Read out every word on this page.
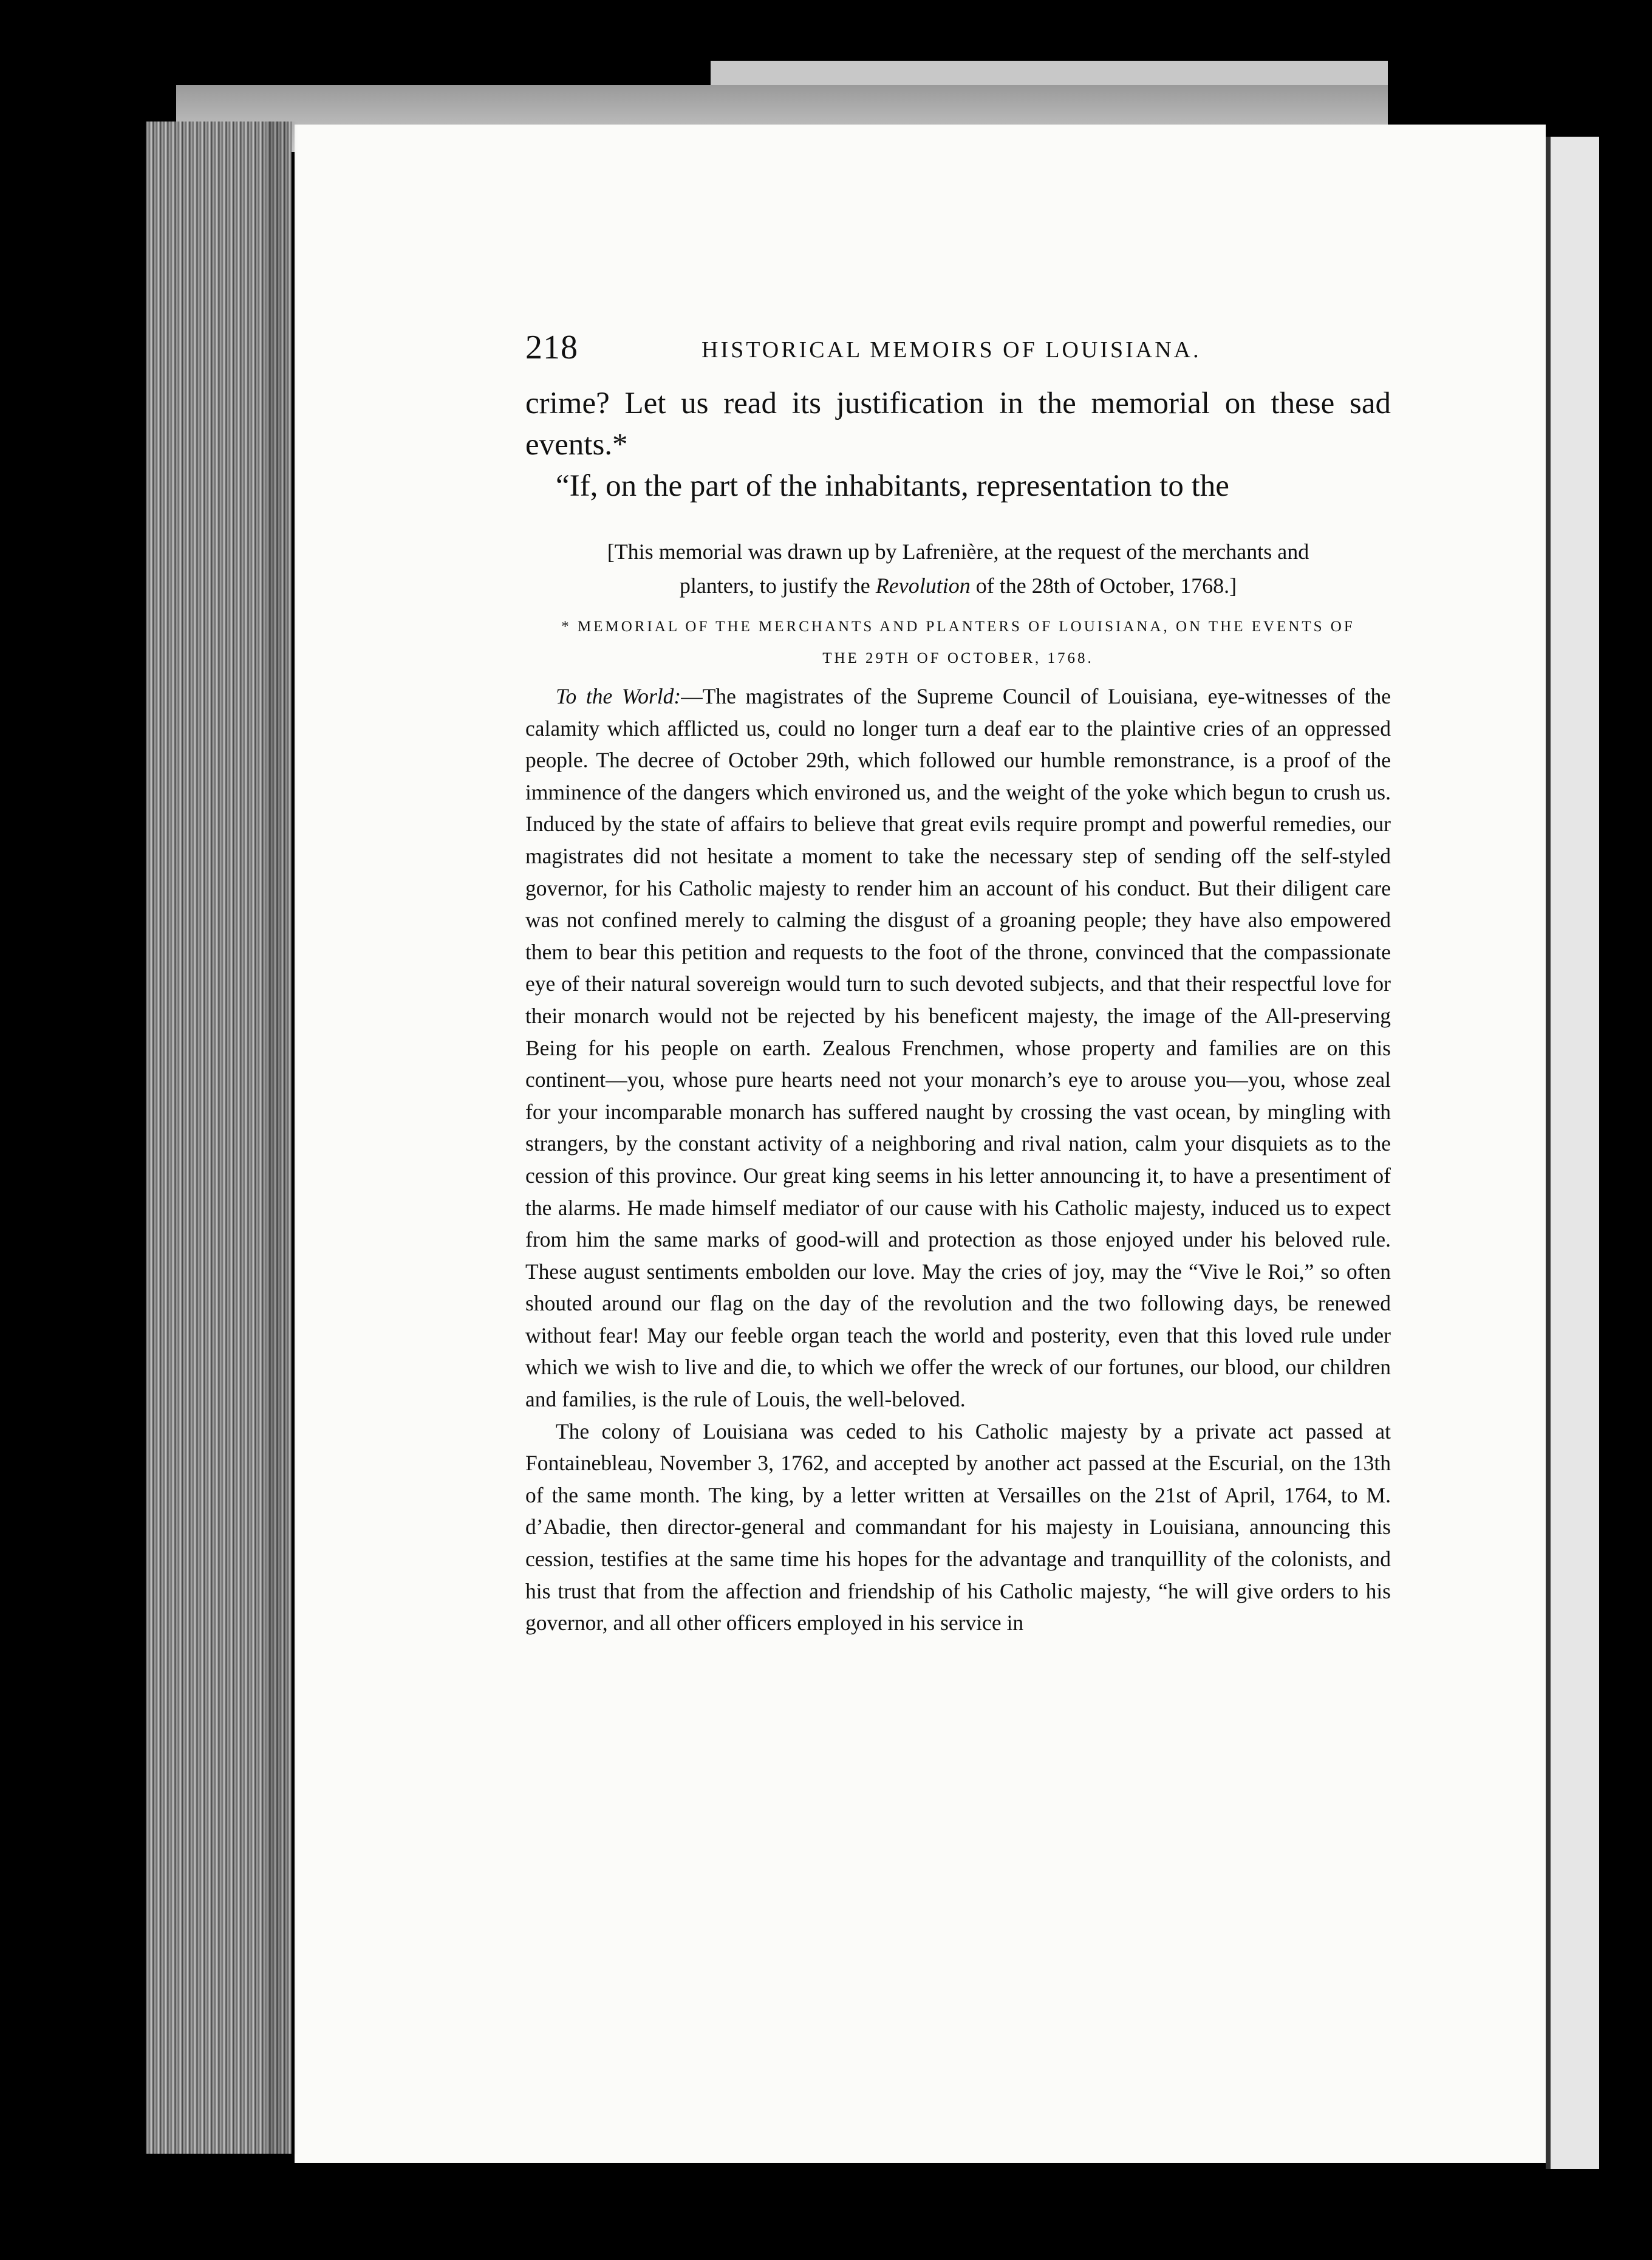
218	HISTORICAL MEMOIRS OF LOUISIANA.

crime? Let us read its justification in the memorial on these sad events.*

“If, on the part of the inhabitants, representation to the

[This memorial was drawn up by Lafrenière, at the request of the merchants and
planters, to justify the Revolution of the 28th of October, 1768.]

* MEMORIAL OF THE MERCHANTS AND PLANTERS OF LOUISIANA, ON THE EVENTS OF
THE 29TH OF OCTOBER, 1768.

To the World:—The magistrates of the Supreme Council of Louisiana, eye-witnesses of the calamity which afflicted us, could no longer turn a deaf ear to the plaintive cries of an oppressed people. The decree of October 29th, which followed our humble remonstrance, is a proof of the imminence of the dangers which environed us, and the weight of the yoke which begun to crush us. Induced by the state of affairs to believe that great evils require prompt and powerful remedies, our magistrates did not hesitate a moment to take the necessary step of sending off the self-styled governor, for his Catholic majesty to render him an account of his conduct. But their diligent care was not confined merely to calming the disgust of a groaning people; they have also empowered them to bear this petition and requests to the foot of the throne, convinced that the compassionate eye of their natural sovereign would turn to such devoted subjects, and that their respectful love for their monarch would not be rejected by his beneficent majesty, the image of the All-preserving Being for his people on earth. Zealous Frenchmen, whose property and families are on this continent—you, whose pure hearts need not your monarch’s eye to arouse you—you, whose zeal for your incomparable monarch has suffered naught by crossing the vast ocean, by mingling with strangers, by the constant activity of a neighboring and rival nation, calm your disquiets as to the cession of this province. Our great king seems in his letter announcing it, to have a presentiment of the alarms. He made himself mediator of our cause with his Catholic majesty, induced us to expect from him the same marks of good-will and protection as those enjoyed under his beloved rule. These august sentiments embolden our love. May the cries of joy, may the “Vive le Roi,” so often shouted around our flag on the day of the revolution and the two following days, be renewed without fear! May our feeble organ teach the world and posterity, even that this loved rule under which we wish to live and die, to which we offer the wreck of our fortunes, our blood, our children and families, is the rule of Louis, the well-beloved.

The colony of Louisiana was ceded to his Catholic majesty by a private act passed at Fontainebleau, November 3, 1762, and accepted by another act passed at the Escurial, on the 13th of the same month. The king, by a letter written at Versailles on the 21st of April, 1764, to M. d’Abadie, then director-general and commandant for his majesty in Louisiana, announcing this cession, testifies at the same time his hopes for the advantage and tranquillity of the colonists, and his trust that from the affection and friendship of his Catholic majesty, “he will give orders to his governor, and all other officers employed in his service in
